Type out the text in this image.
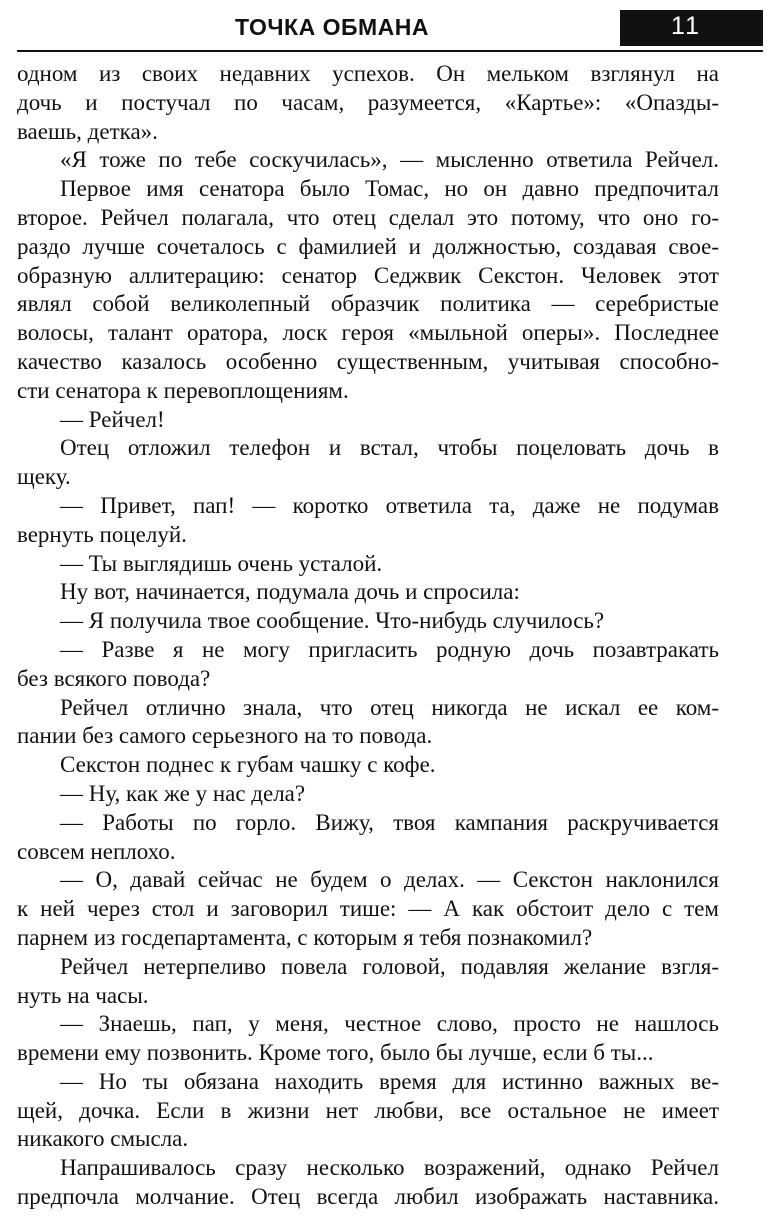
ТОЧКА ОБМАНА	11
одном из своих недавних успехов. Он мельком взглянул на
дочь и постучал по часам, разумеется, «Картье»: «Опазды-
ваешь, детка».
«Я тоже по тебе соскучилась», — мысленно ответила Рейчел.
Первое имя сенатора было Томас, но он давно предпочитал
второе. Рейчел полагала, что отец сделал это потому, что оно го-
раздо лучше сочеталось с фамилией и должностью, создавая свое-
образную аллитерацию: сенатор Седжвик Секстон. Человек этот
являл собой великолепный образчик политика — серебристые
волосы, талант оратора, лоск героя «мыльной оперы». Последнее
качество казалось особенно существенным, учитывая способно-
сти сенатора к перевоплощениям.
— Рейчел!
Отец отложил телефон и встал, чтобы поцеловать дочь в
щеку.
— Привет, пап! — коротко ответила та, даже не подумав
вернуть поцелуй.
— Ты выглядишь очень усталой.
Ну вот, начинается, подумала дочь и спросила:
— Я получила твое сообщение. Что-нибудь случилось?
— Разве я не могу пригласить родную дочь позавтракать
без всякого повода?
Рейчел отлично знала, что отец никогда не искал ее ком-
пании без самого серьезного на то повода.
Секстон поднес к губам чашку с кофе.
— Ну, как же у нас дела?
— Работы по горло. Вижу, твоя кампания раскручивается
совсем неплохо.
— О, давай сейчас не будем о делах. — Секстон наклонился
к ней через стол и заговорил тише: — А как обстоит дело с тем
парнем из госдепартамента, с которым я тебя познакомил?
Рейчел нетерпеливо повела головой, подавляя желание взгля-
нуть на часы.
— Знаешь, пап, у меня, честное слово, просто не нашлось
времени ему позвонить. Кроме того, было бы лучше, если б ты...
— Но ты обязана находить время для истинно важных ве-
щей, дочка. Если в жизни нет любви, все остальное не имеет
никакого смысла.
Напрашивалось сразу несколько возражений, однако Рейчел
предпочла молчание. Отец всегда любил изображать наставника.
